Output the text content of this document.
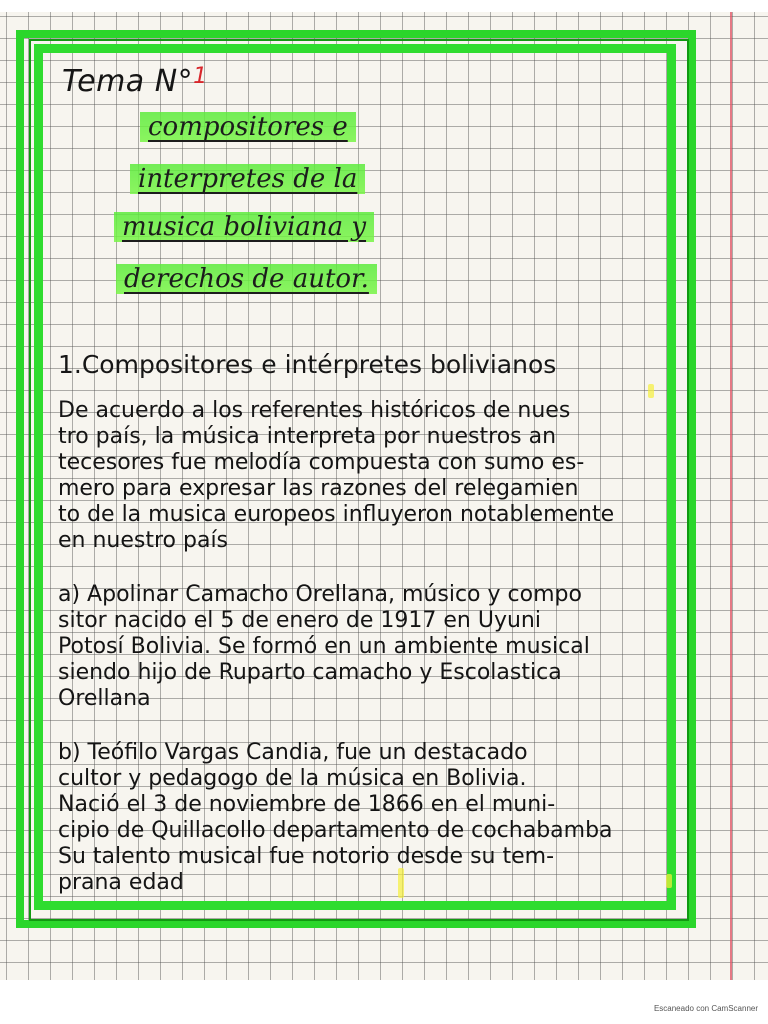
Tema N°$^1$
compositores e
interpretes de la
musica boliviana y
derechos de autor.
1.Compositores e intérpretes bolivianos
De acuerdo a los referentes históricos de nues
tro país, la música interpreta por nuestros an
tecesores fue melodía compuesta con sumo es-
mero para expresar las razones del relegamien
to de la musica europeos influyeron notablemente
en nuestro país
a) Apolinar Camacho Orellana, músico y compo
sitor nacido el 5 de enero de 1917 en Uyuni
Potosí Bolivia. Se formó en un ambiente musical
siendo hijo de Ruparto camacho y Escolastica
Orellana
b) Teófilo Vargas Candia, fue un destacado
cultor y pedagogo de la música en Bolivia.
Nació el 3 de noviembre de 1866 en el muni-
cipio de Quillacollo departamento de cochabamba
Su talento musical fue notorio desde su tem-
prana edad
Escaneado con CamScanner
